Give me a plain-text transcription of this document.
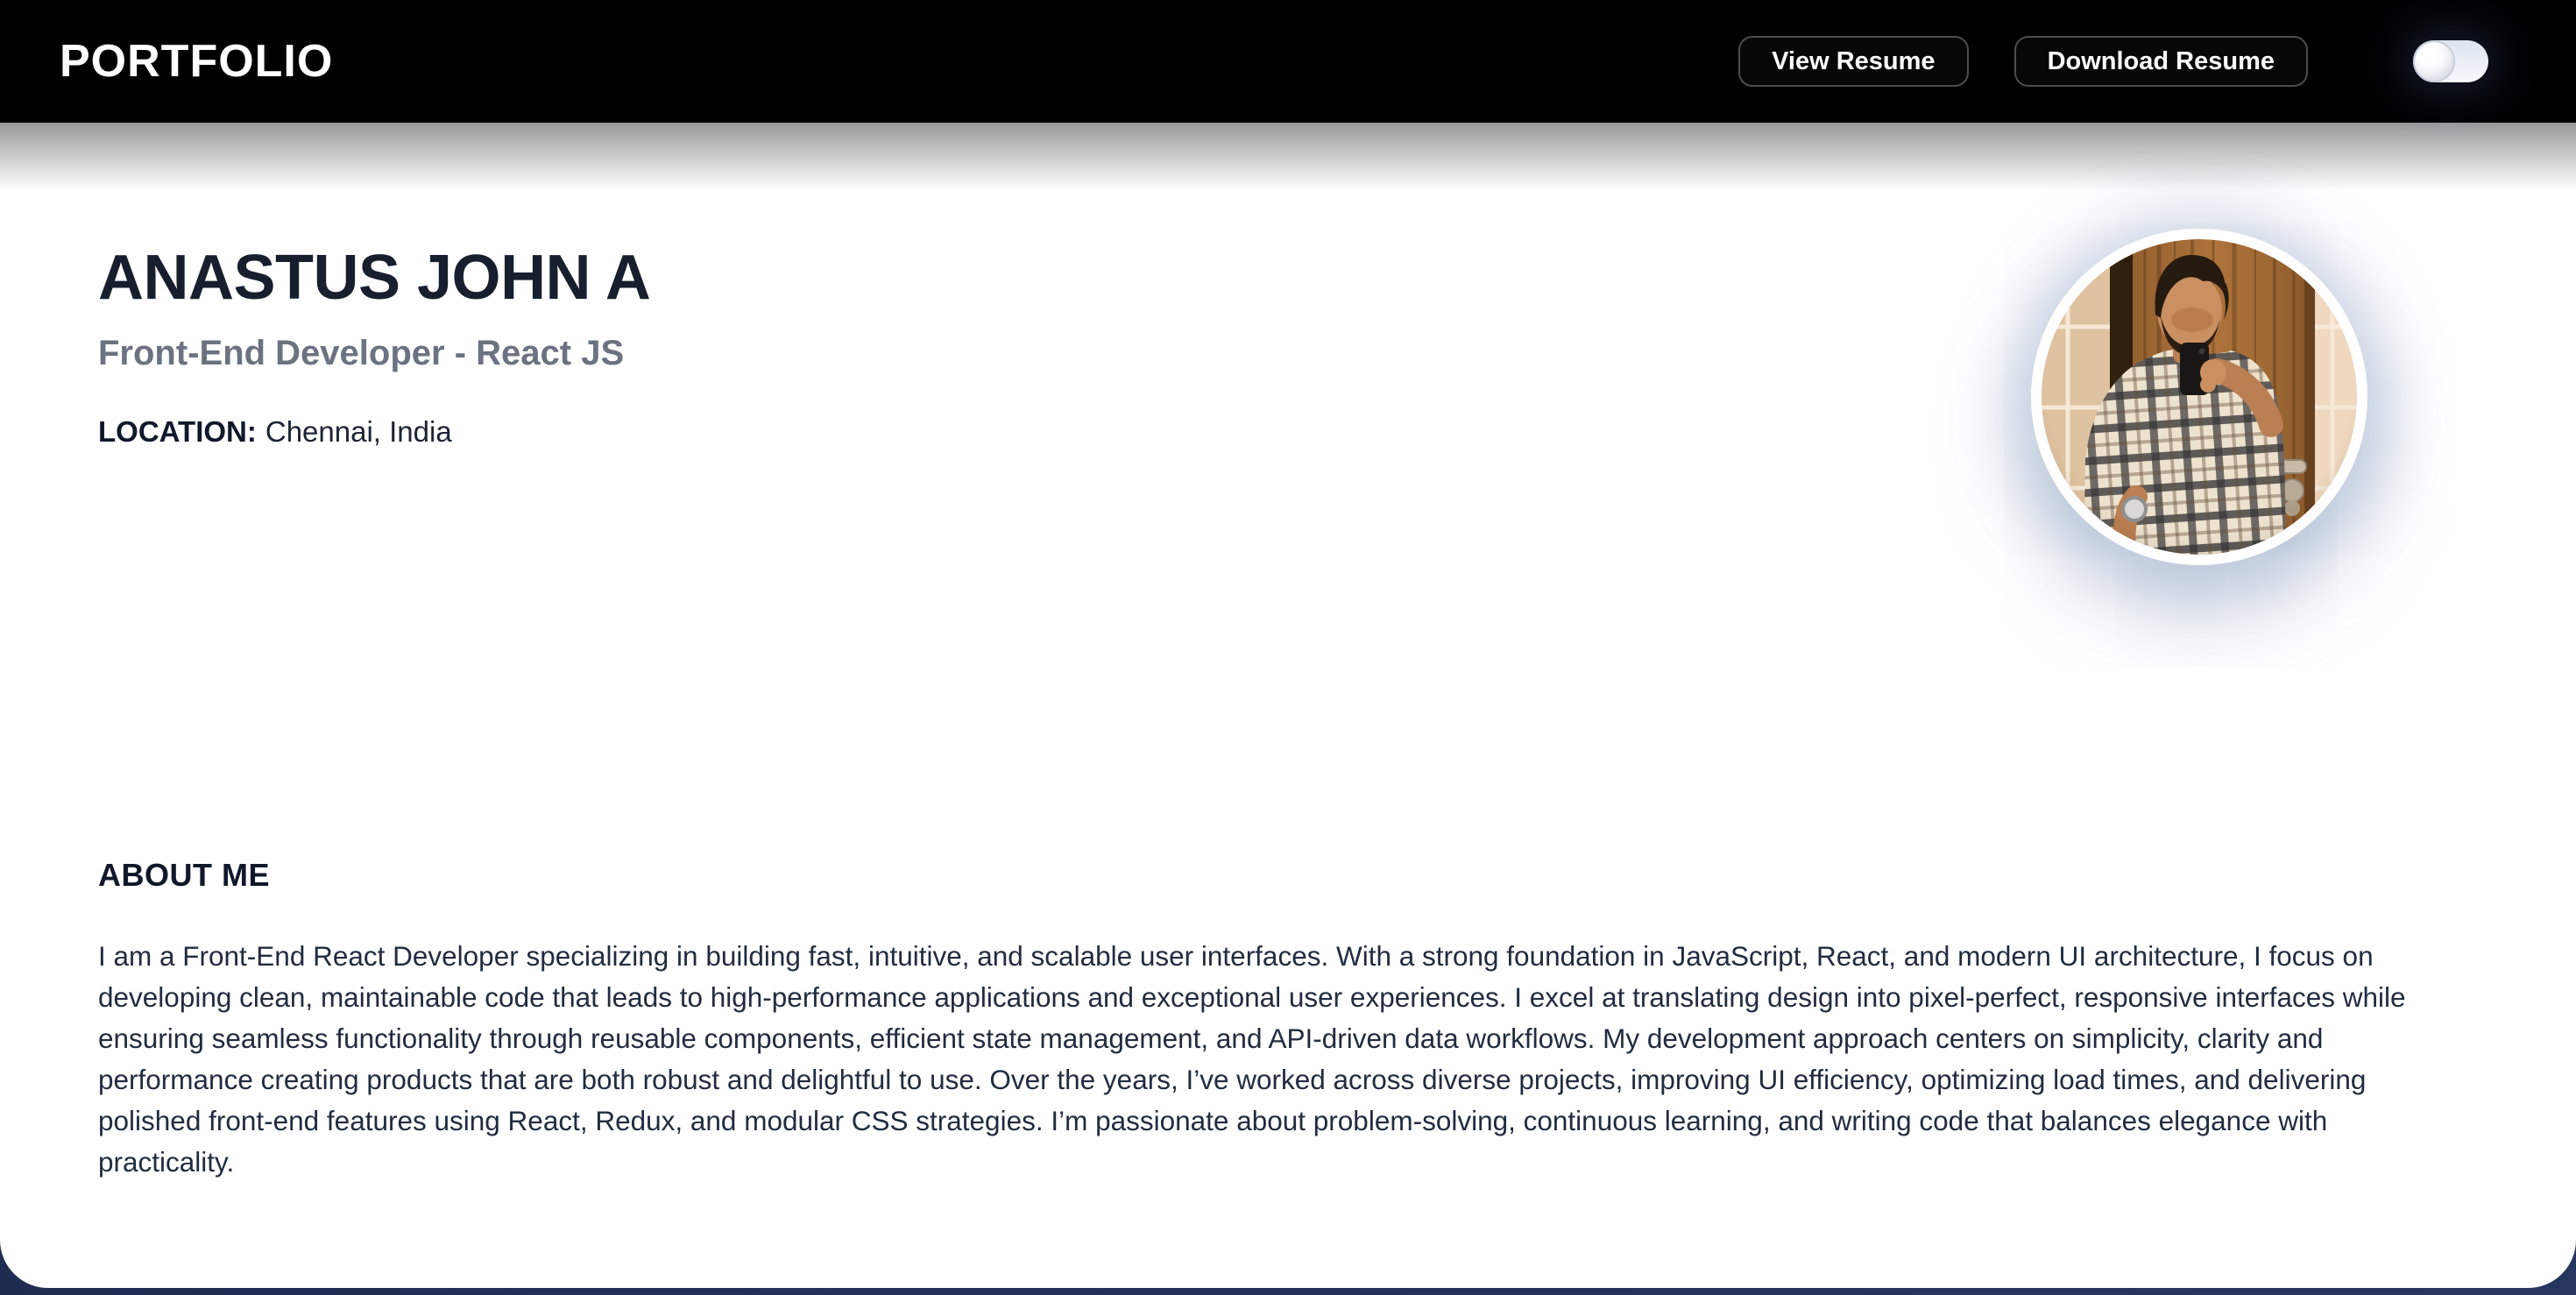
PORTFOLIO	View Resume	Download Resume
ANASTUS JOHN A
Front-End Developer - React JS
LOCATION: Chennai, India
ABOUT ME

I am a Front-End React Developer specializing in building fast, intuitive, and scalable user interfaces. With a strong foundation in JavaScript, React, and modern UI architecture, I focus on developing clean, maintainable code that leads to high-performance applications and exceptional user experiences. I excel at translating design into pixel-perfect, responsive interfaces while ensuring seamless functionality through reusable components, efficient state management, and API-driven data workflows. My development approach centers on simplicity, clarity and performance creating products that are both robust and delightful to use. Over the years, I’ve worked across diverse projects, improving UI efficiency, optimizing load times, and delivering polished front-end features using React, Redux, and modular CSS strategies. I’m passionate about problem-solving, continuous learning, and writing code that balances elegance with practicality.
